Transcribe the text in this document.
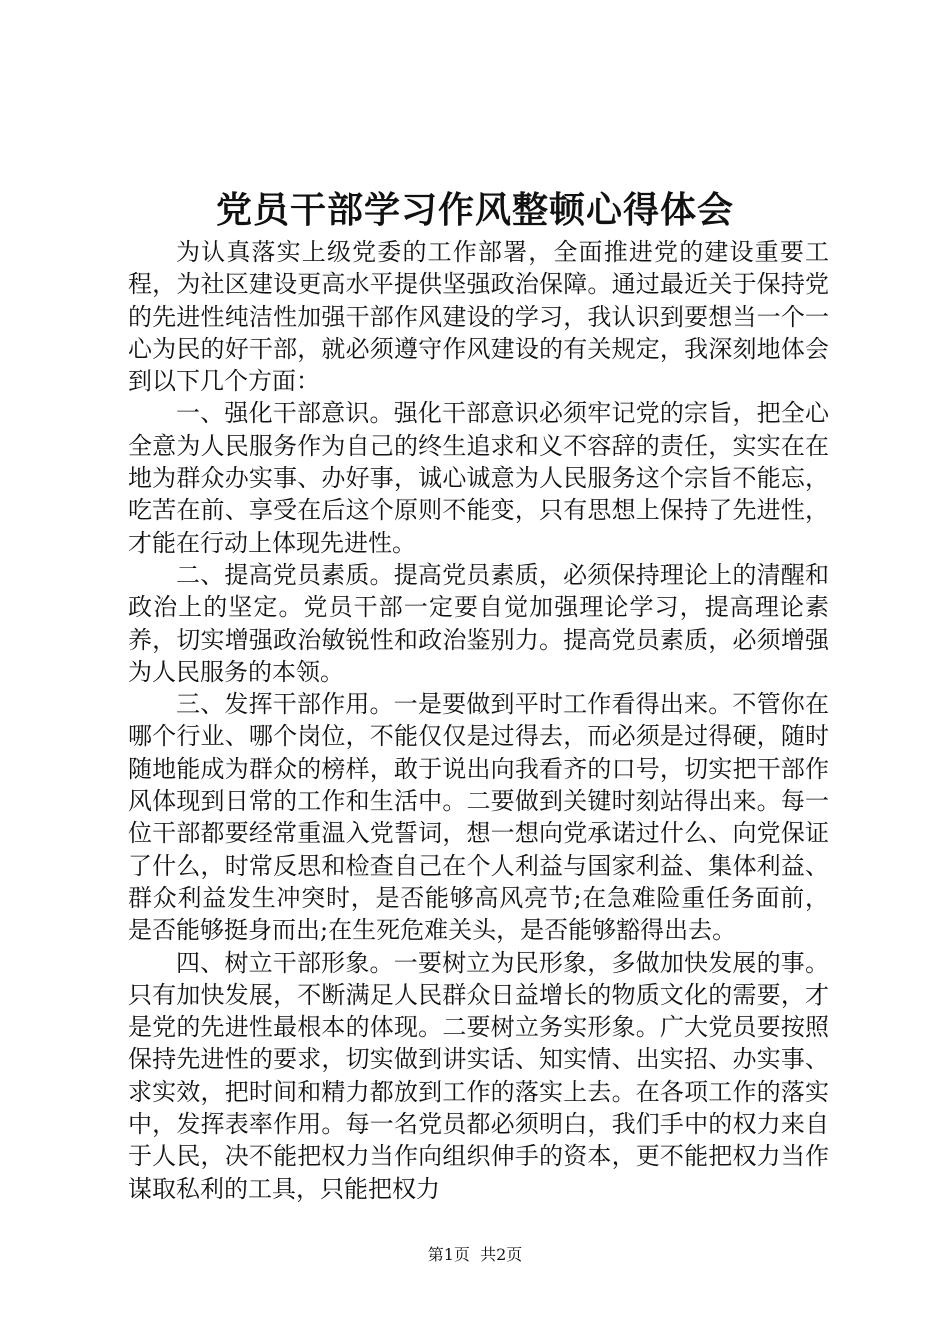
党员干部学习作风整顿心得体会

为认真落实上级党委的工作部署，全面推进党的建设重要工程，为社区建设更高水平提供坚强政治保障。通过最近关于保持党的先进性纯洁性加强干部作风建设的学习，我认识到要想当一个一心为民的好干部，就必须遵守作风建设的有关规定，我深刻地体会到以下几个方面：

一、强化干部意识。强化干部意识必须牢记党的宗旨，把全心全意为人民服务作为自己的终生追求和义不容辞的责任，实实在在地为群众办实事、办好事，诚心诚意为人民服务这个宗旨不能忘，吃苦在前、享受在后这个原则不能变，只有思想上保持了先进性，才能在行动上体现先进性。

二、提高党员素质。提高党员素质，必须保持理论上的清醒和政治上的坚定。党员干部一定要自觉加强理论学习，提高理论素养，切实增强政治敏锐性和政治鉴别力。提高党员素质，必须增强为人民服务的本领。

三、发挥干部作用。一是要做到平时工作看得出来。不管你在哪个行业、哪个岗位，不能仅仅是过得去，而必须是过得硬，随时随地能成为群众的榜样，敢于说出向我看齐的口号，切实把干部作风体现到日常的工作和生活中。二要做到关键时刻站得出来。每一位干部都要经常重温入党誓词，想一想向党承诺过什么、向党保证了什么，时常反思和检查自己在个人利益与国家利益、集体利益、群众利益发生冲突时，是否能够高风亮节;在急难险重任务面前，是否能够挺身而出;在生死危难关头，是否能够豁得出去。

四、树立干部形象。一要树立为民形象，多做加快发展的事。只有加快发展，不断满足人民群众日益增长的物质文化的需要，才是党的先进性最根本的体现。二要树立务实形象。广大党员要按照保持先进性的要求，切实做到讲实话、知实情、出实招、办实事、求实效，把时间和精力都放到工作的落实上去。在各项工作的落实中，发挥表率作用。每一名党员都必须明白，我们手中的权力来自于人民，决不能把权力当作向组织伸手的资本，更不能把权力当作谋取私利的工具，只能把权力

第1页 共2页
